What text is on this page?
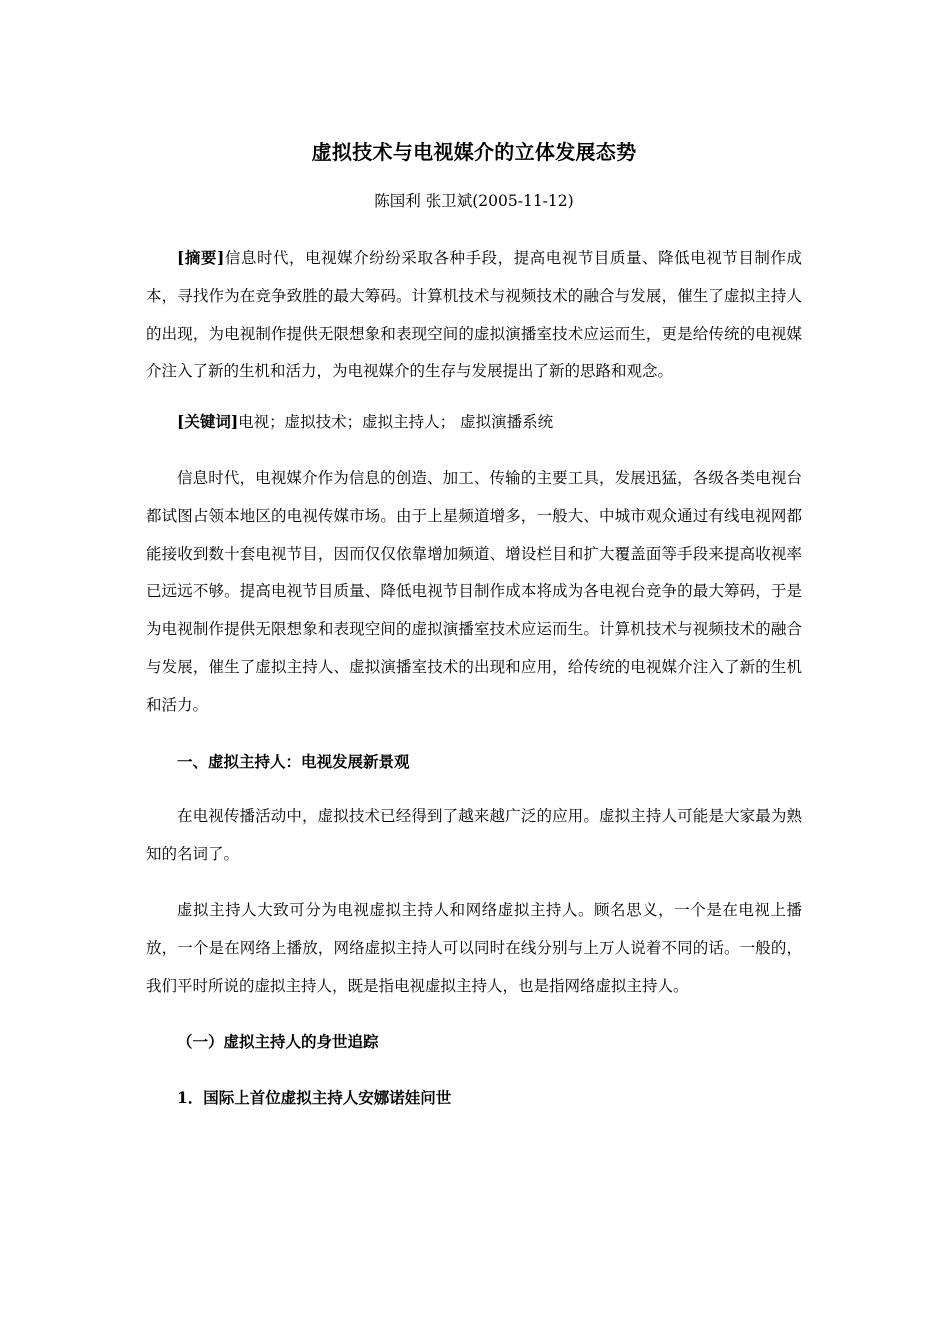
虚拟技术与电视媒介的立体发展态势

陈国利 张卫斌(2005-11-12)

[摘要]信息时代，电视媒介纷纷采取各种手段，提高电视节目质量、降低电视节目制作成本，寻找作为在竞争致胜的最大筹码。计算机技术与视频技术的融合与发展，催生了虚拟主持人的出现，为电视制作提供无限想象和表现空间的虚拟演播室技术应运而生，更是给传统的电视媒介注入了新的生机和活力，为电视媒介的生存与发展提出了新的思路和观念。

[关键词]电视；虚拟技术；虚拟主持人； 虚拟演播系统

信息时代，电视媒介作为信息的创造、加工、传输的主要工具，发展迅猛，各级各类电视台都试图占领本地区的电视传媒市场。由于上星频道增多，一般大、中城市观众通过有线电视网都能接收到数十套电视节目，因而仅仅依靠增加频道、增设栏目和扩大覆盖面等手段来提高收视率已远远不够。提高电视节目质量、降低电视节目制作成本将成为各电视台竞争的最大筹码，于是为电视制作提供无限想象和表现空间的虚拟演播室技术应运而生。计算机技术与视频技术的融合与发展，催生了虚拟主持人、虚拟演播室技术的出现和应用，给传统的电视媒介注入了新的生机和活力。

一、虚拟主持人：电视发展新景观

在电视传播活动中，虚拟技术已经得到了越来越广泛的应用。虚拟主持人可能是大家最为熟知的名词了。

虚拟主持人大致可分为电视虚拟主持人和网络虚拟主持人。顾名思义，一个是在电视上播放，一个是在网络上播放，网络虚拟主持人可以同时在线分别与上万人说着不同的话。一般的，我们平时所说的虚拟主持人，既是指电视虚拟主持人，也是指网络虚拟主持人。

（一）虚拟主持人的身世追踪

1．国际上首位虚拟主持人安娜诺娃问世
